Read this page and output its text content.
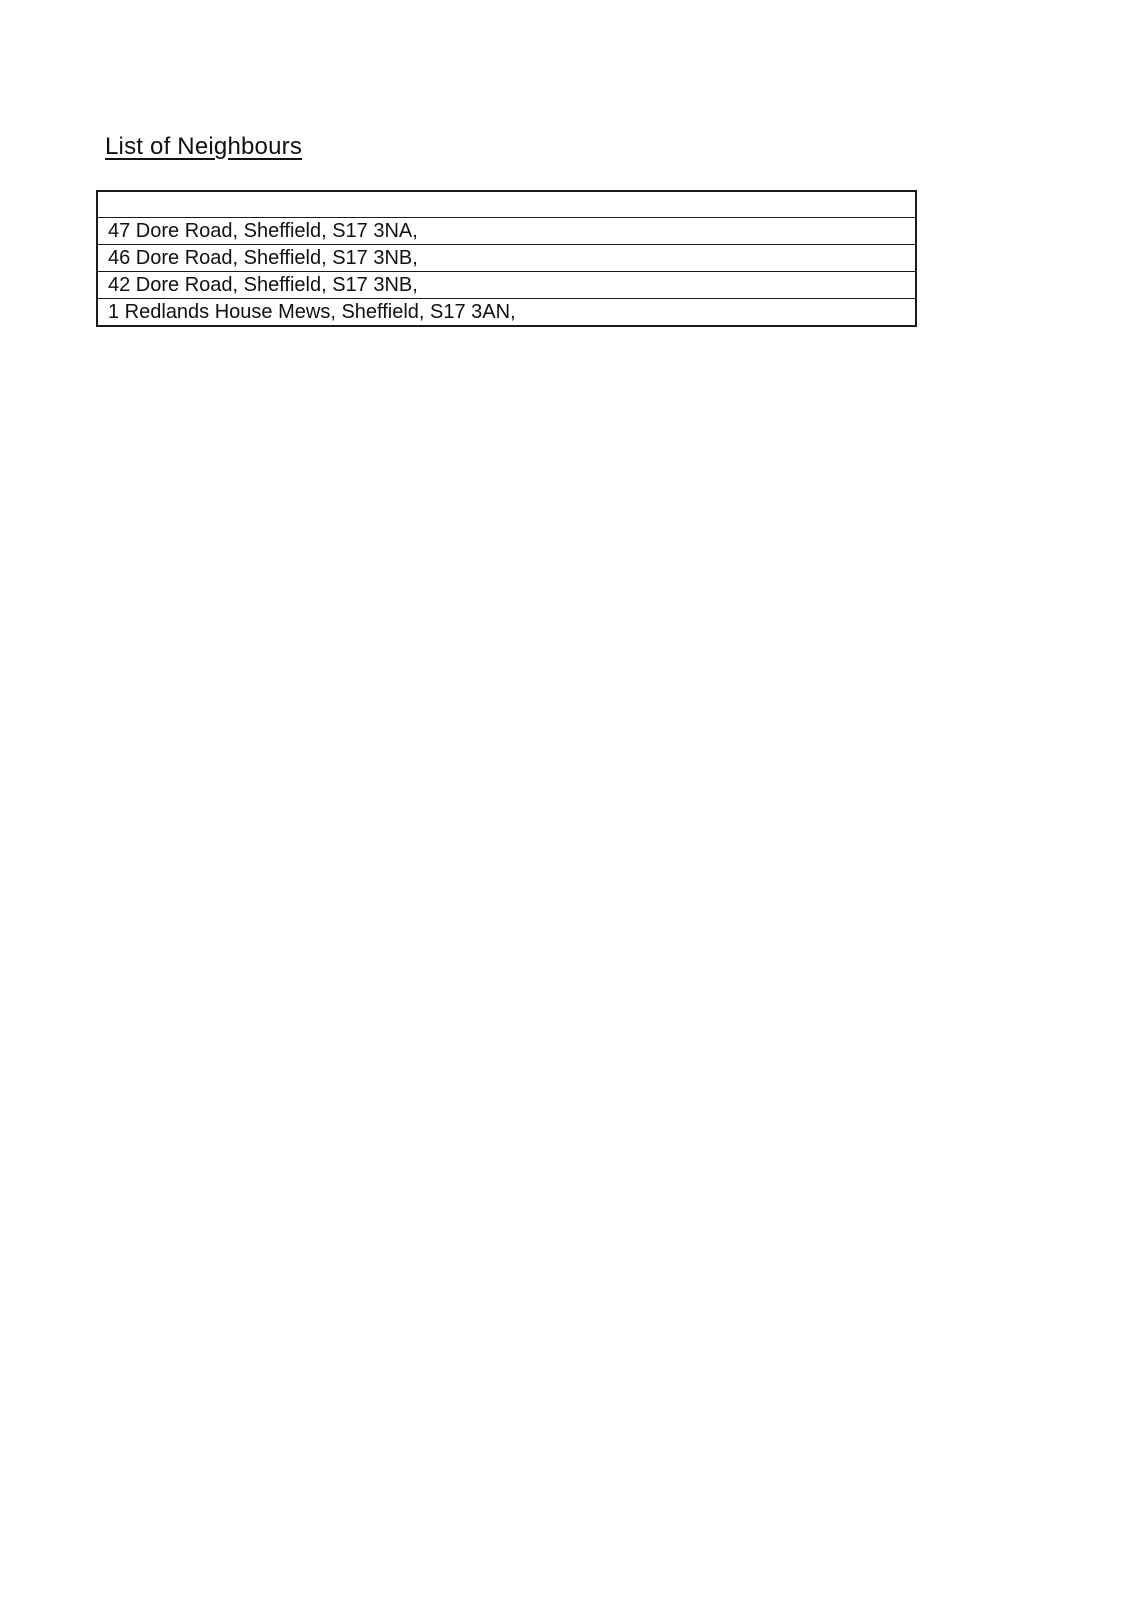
List of Neighbours

47 Dore Road, Sheffield, S17 3NA,
46 Dore Road, Sheffield, S17 3NB,
42 Dore Road, Sheffield, S17 3NB,
1 Redlands House Mews, Sheffield, S17 3AN,
